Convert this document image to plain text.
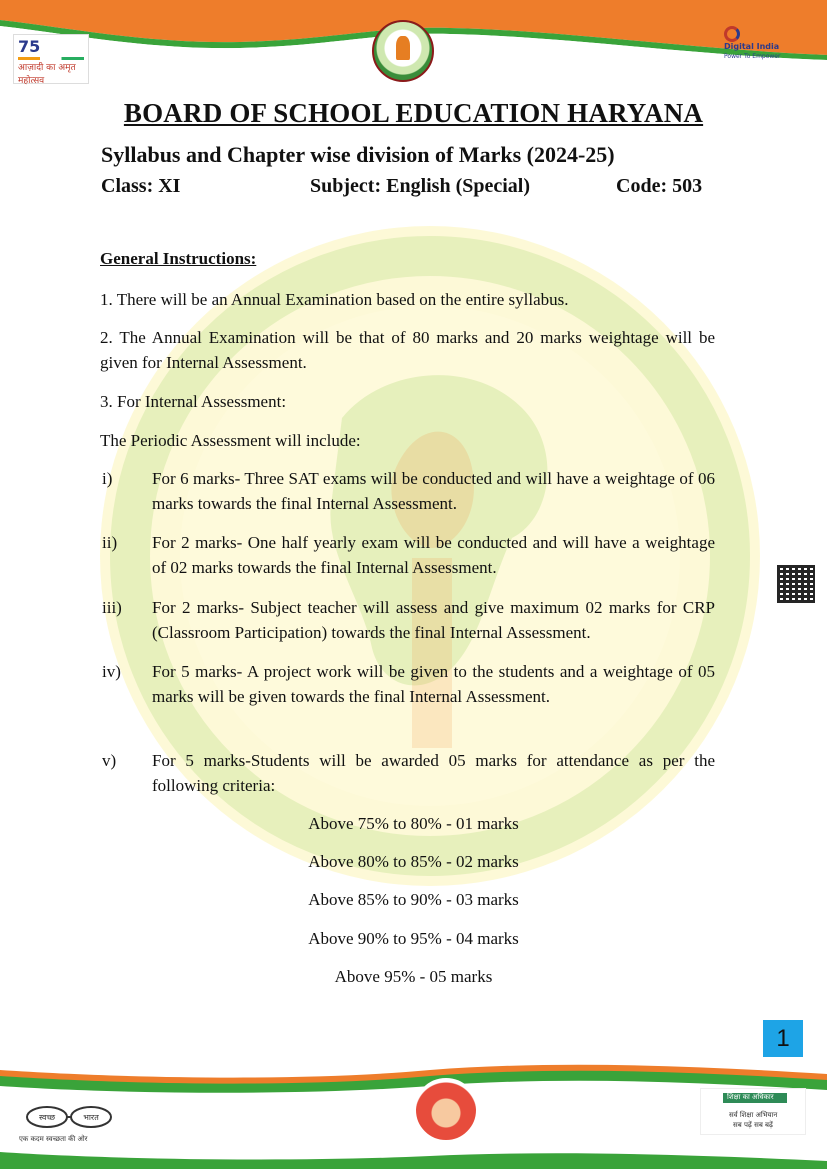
75
आज़ादी का अमृत महोत्सव
Digital India
Power To Empower
BOARD OF SCHOOL EDUCATION HARYANA
Syllabus and Chapter wise division of Marks (2024-25)
Class: XI	Subject: English (Special)	Code: 503
General Instructions:

1. There will be an Annual Examination based on the entire syllabus.

2. The Annual Examination will be that of 80 marks and 20 marks weightage will be given for Internal Assessment.

3. For Internal Assessment:

The Periodic Assessment will include:

i) For 6 marks- Three SAT exams will be conducted and will have a weightage of 06 marks towards the final Internal Assessment.
ii) For 2 marks- One half yearly exam will be conducted and will have a weightage of 02 marks towards the final Internal Assessment.
iii) For 2 marks- Subject teacher will assess and give maximum 02 marks for CRP (Classroom Participation) towards the final Internal Assessment.
iv) For 5 marks- A project work will be given to the students and a weightage of 05 marks will be given towards the final Internal Assessment.
v) For 5 marks-Students will be awarded 05 marks for attendance as per the following criteria:
Above 75% to 80% - 01 marks
Above 80% to 85% - 02 marks
Above 85% to 90% - 03 marks
Above 90% to 95% - 04 marks
Above 95% - 05 marks
1
स्वच्छ	भारत
एक कदम स्वच्छता की ओर
शिक्षा का अधिकार
सर्व शिक्षा अभियान
सब पढ़ें सब बढ़ें
